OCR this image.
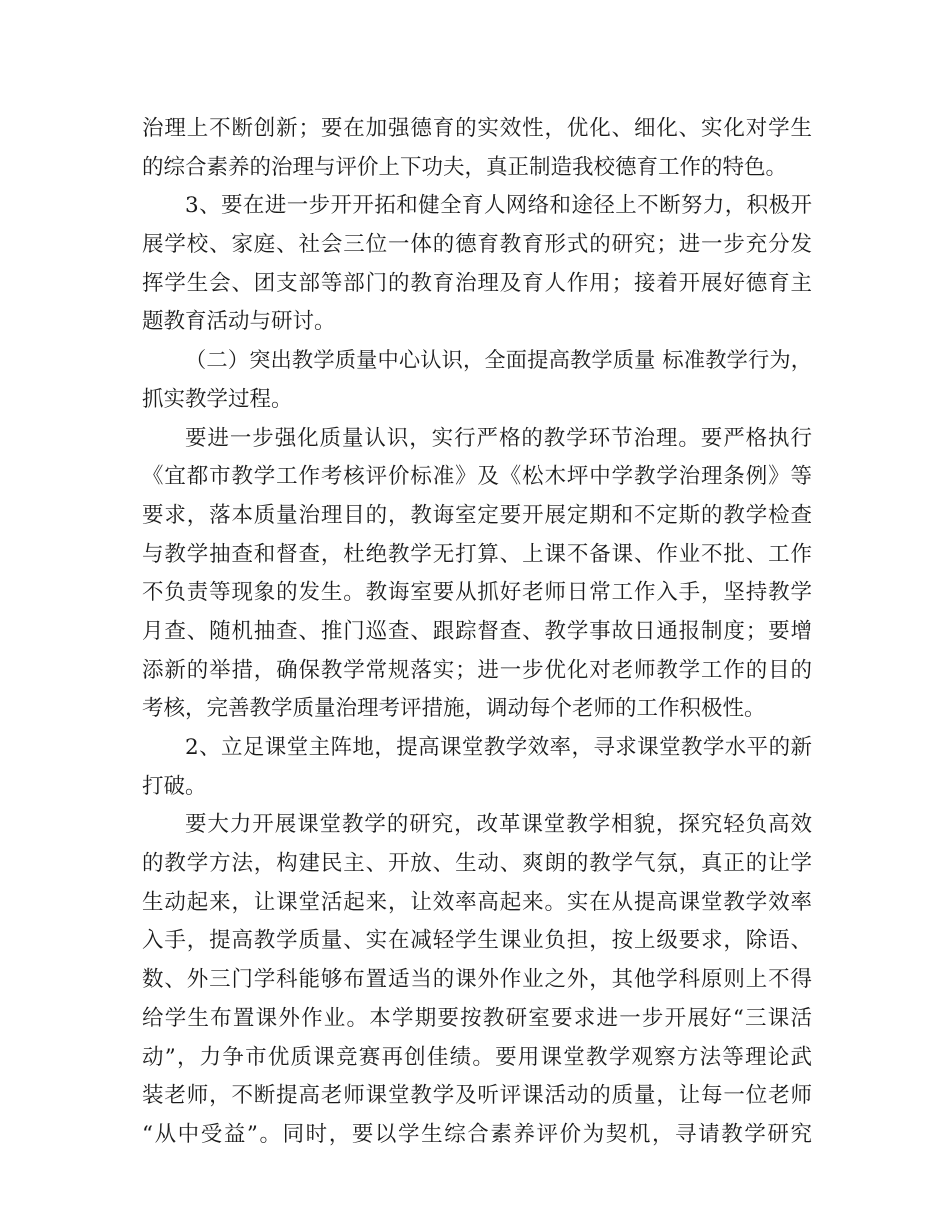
治理上不断创新；要在加强德育的实效性，优化、细化、实化对学生
的综合素养的治理与评价上下功夫，真正制造我校德育工作的特色。
3、要在进一步开开拓和健全育人网络和途径上不断努力，积极开
展学校、家庭、社会三位一体的德育教育形式的研究；进一步充分发
挥学生会、团支部等部门的教育治理及育人作用；接着开展好德育主
题教育活动与研讨。
（二）突出教学质量中心认识，全面提高教学质量 标准教学行为，
抓实教学过程。
要进一步强化质量认识，实行严格的教学环节治理。要严格执行
《宜都市教学工作考核评价标准》及《松木坪中学教学治理条例》等
要求，落本质量治理目的，教诲室定要开展定期和不定斯的教学检查
与教学抽查和督查，杜绝教学无打算、上课不备课、作业不批、工作
不负责等现象的发生。教诲室要从抓好老师日常工作入手，坚持教学
月查、随机抽查、推门巡查、跟踪督查、教学事故日通报制度；要增
添新的举措，确保教学常规落实；进一步优化对老师教学工作的目的
考核，完善教学质量治理考评措施，调动每个老师的工作积极性。
2、立足课堂主阵地，提高课堂教学效率，寻求课堂教学水平的新
打破。
要大力开展课堂教学的研究，改革课堂教学相貌，探究轻负高效
的教学方法，构建民主、开放、生动、爽朗的教学气氛，真正的让学
生动起来，让课堂活起来，让效率高起来。实在从提高课堂教学效率
入手，提高教学质量、实在减轻学生课业负担，按上级要求，除语、
数、外三门学科能够布置适当的课外作业之外，其他学科原则上不得
给学生布置课外作业。本学期要按教研室要求进一步开展好“三课活
动”，力争市优质课竞赛再创佳绩。要用课堂教学观察方法等理论武
装老师，不断提高老师课堂教学及听评课活动的质量，让每一位老师
“从中受益”。同时，要以学生综合素养评价为契机，寻请教学研究
